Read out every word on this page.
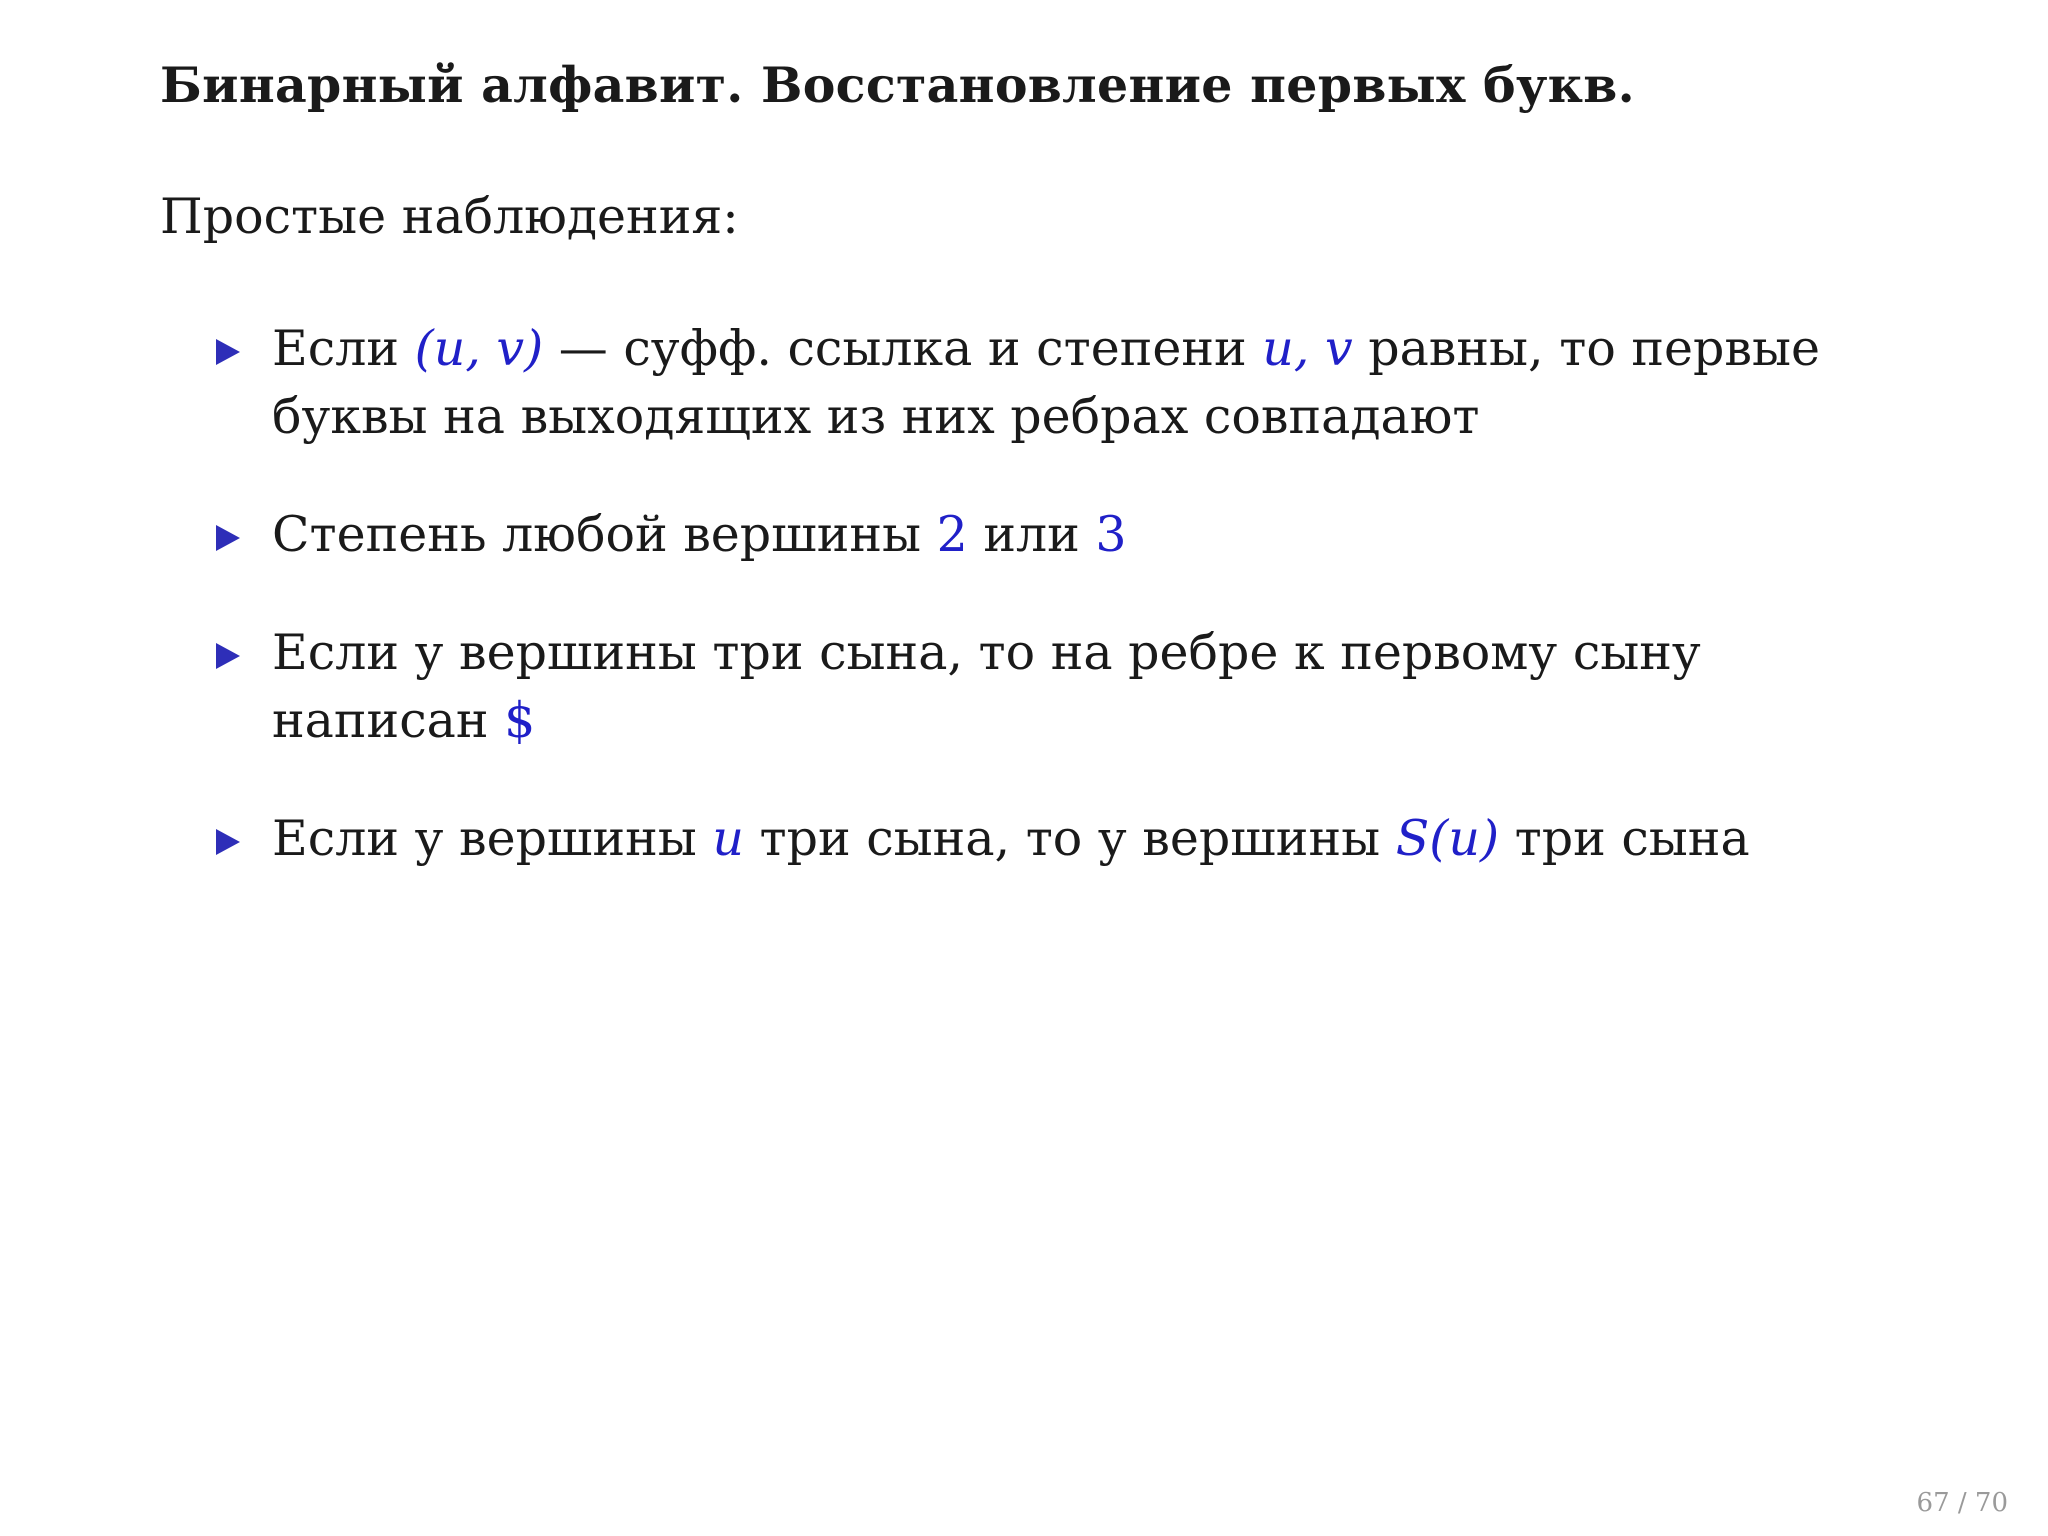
Бинарный алфавит. Восстановление первых букв.
Простые наблюдения:
Если (u, v) — суфф. ссылка и степени u, v равны, то первые буквы на выходящих из них ребрах совпадают
Степень любой вершины 2 или 3
Если у вершины три сына, то на ребре к первому сыну написан $
Если у вершины u три сына, то у вершины S(u) три сына
67 / 70
